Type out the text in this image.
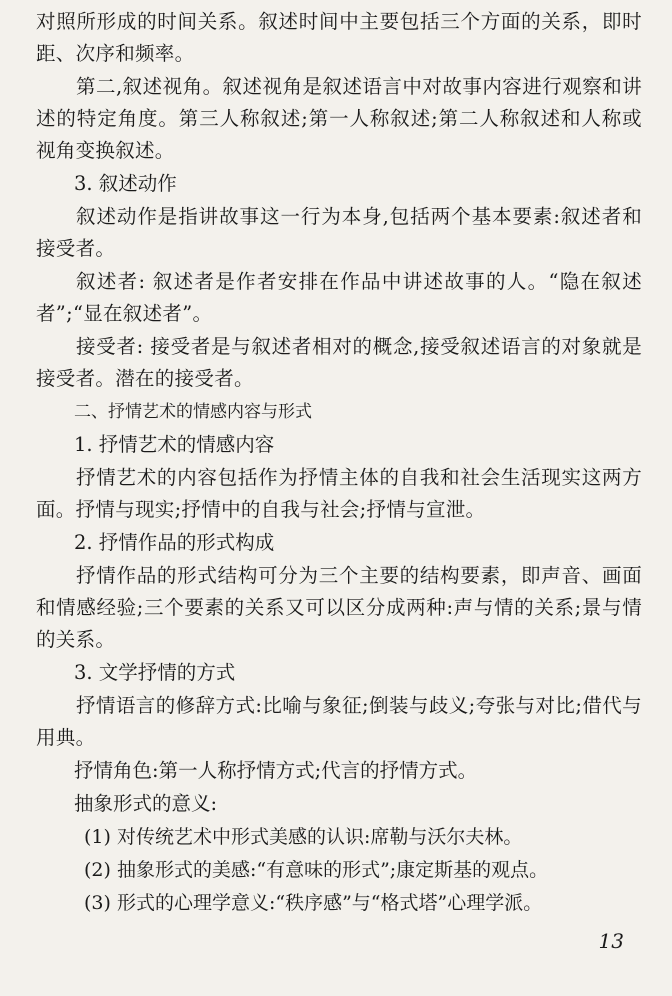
对照所形成的时间关系。叙述时间中主要包括三个方面的关系，即时距、次序和频率。

第二,叙述视角。叙述视角是叙述语言中对故事内容进行观察和讲述的特定角度。第三人称叙述;第一人称叙述;第二人称叙述和人称或视角变换叙述。

3. 叙述动作

叙述动作是指讲故事这一行为本身,包括两个基本要素:叙述者和接受者。

叙述者: 叙述者是作者安排在作品中讲述故事的人。“隐在叙述者”;“显在叙述者”。

接受者: 接受者是与叙述者相对的概念,接受叙述语言的对象就是接受者。潜在的接受者。

二、抒情艺术的情感内容与形式

1. 抒情艺术的情感内容

抒情艺术的内容包括作为抒情主体的自我和社会生活现实这两方面。抒情与现实;抒情中的自我与社会;抒情与宣泄。

2. 抒情作品的形式构成

抒情作品的形式结构可分为三个主要的结构要素，即声音、画面和情感经验;三个要素的关系又可以区分成两种:声与情的关系;景与情的关系。

3. 文学抒情的方式

抒情语言的修辞方式:比喻与象征;倒装与歧义;夸张与对比;借代与用典。

抒情角色:第一人称抒情方式;代言的抒情方式。

抽象形式的意义:

(1) 对传统艺术中形式美感的认识:席勒与沃尔夫林。

(2) 抽象形式的美感:“有意味的形式”;康定斯基的观点。

(3) 形式的心理学意义:“秩序感”与“格式塔”心理学派。

13
